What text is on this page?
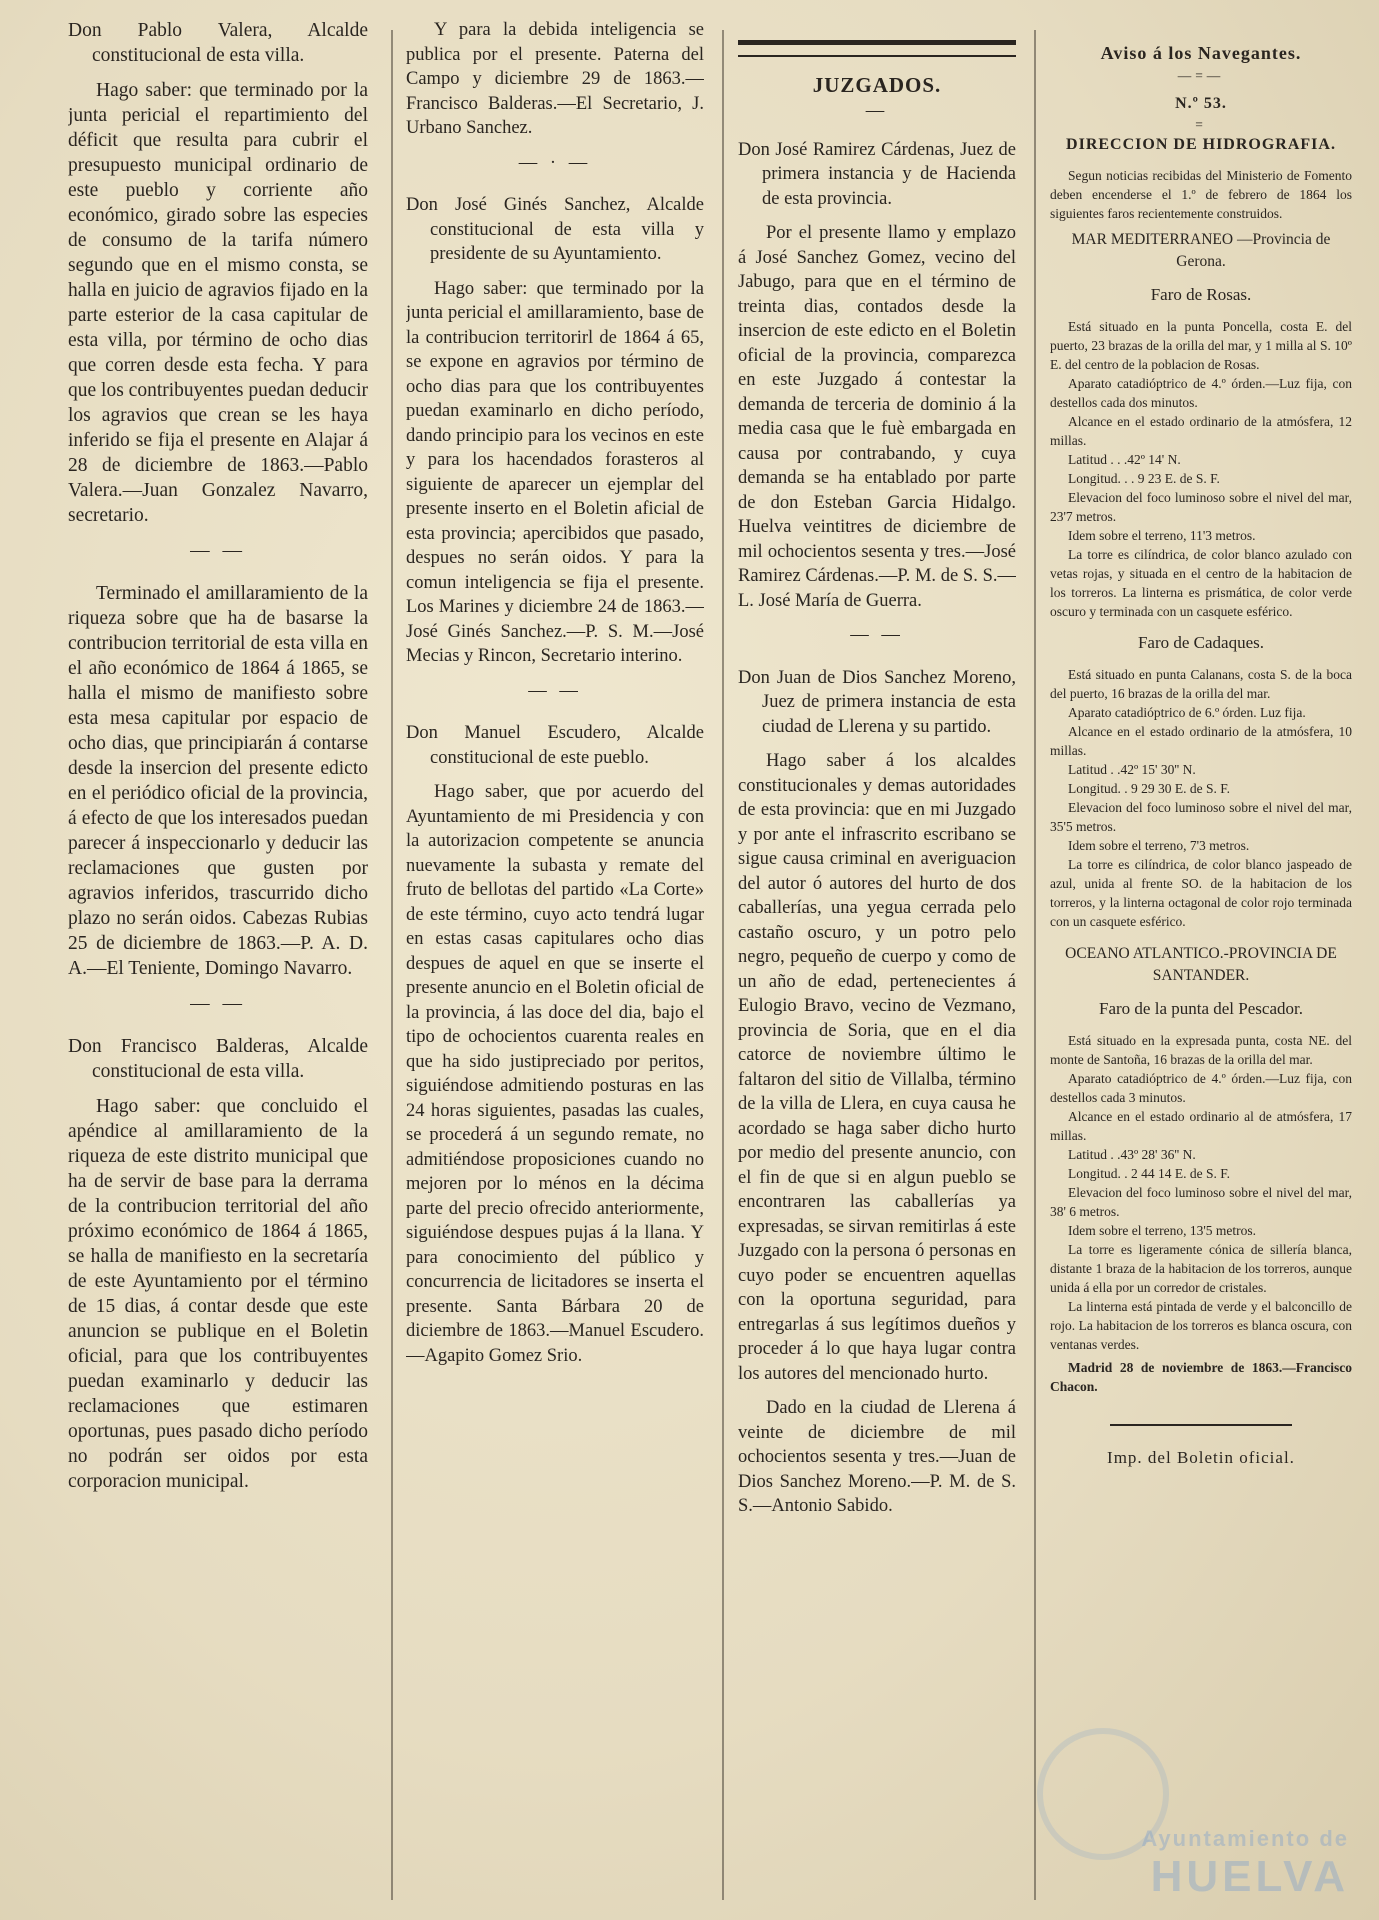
Don Pablo Valera, Alcalde constitucional de esta villa.

Hago saber: que terminado por la junta pericial el repartimiento del déficit que resulta para cubrir el presupuesto municipal ordinario de este pueblo y corriente año económico, girado sobre las especies de consumo de la tarifa número segundo que en el mismo consta, se halla en juicio de agravios fijado en la parte esterior de la casa capitular de esta villa, por término de ocho dias que corren desde esta fecha. Y para que los contribuyentes puedan deducir los agravios que crean se les haya inferido se fija el presente en Alajar á 28 de diciembre de 1863.—Pablo Valera.—Juan Gonzalez Navarro, secretario.

— —

Terminado el amillaramiento de la riqueza sobre que ha de basarse la contribucion territorial de esta villa en el año económico de 1864 á 1865, se halla el mismo de manifiesto sobre esta mesa capitular por espacio de ocho dias, que principiarán á contarse desde la insercion del presente edicto en el periódico oficial de la provincia, á efecto de que los interesados puedan parecer á inspeccionarlo y deducir las reclamaciones que gusten por agravios inferidos, trascurrido dicho plazo no serán oidos. Cabezas Rubias 25 de diciembre de 1863.—P. A. D. A.—El Teniente, Domingo Navarro.

— —

Don Francisco Balderas, Alcalde constitucional de esta villa.

Hago saber: que concluido el apéndice al amillaramiento de la riqueza de este distrito municipal que ha de servir de base para la derrama de la contribucion territorial del año próximo económico de 1864 á 1865, se halla de manifiesto en la secretaría de este Ayuntamiento por el término de 15 dias, á contar desde que este anuncion se publique en el Boletin oficial, para que los contribuyentes puedan examinarlo y deducir las reclamaciones que estimaren oportunas, pues pasado dicho período no podrán ser oidos por esta corporacion municipal.

Y para la debida inteligencia se publica por el presente. Paterna del Campo y diciembre 29 de 1863.—Francisco Balderas.—El Secretario, J. Urbano Sanchez.

— · —

Don José Ginés Sanchez, Alcalde constitucional de esta villa y presidente de su Ayuntamiento.

Hago saber: que terminado por la junta pericial el amillaramiento, base de la contribucion territorirl de 1864 á 65, se expone en agravios por término de ocho dias para que los contribuyentes puedan examinarlo en dicho período, dando principio para los vecinos en este y para los hacendados forasteros al siguiente de aparecer un ejemplar del presente inserto en el Boletin aficial de esta provincia; apercibidos que pasado, despues no serán oidos. Y para la comun inteligencia se fija el presente. Los Marines y diciembre 24 de 1863.—José Ginés Sanchez.—P. S. M.—José Mecias y Rincon, Secretario interino.

— —

Don Manuel Escudero, Alcalde constitucional de este pueblo.

Hago saber, que por acuerdo del Ayuntamiento de mi Presidencia y con la autorizacion competente se anuncia nuevamente la subasta y remate del fruto de bellotas del partido «La Corte» de este término, cuyo acto tendrá lugar en estas casas capitulares ocho dias despues de aquel en que se inserte el presente anuncio en el Boletin oficial de la provincia, á las doce del dia, bajo el tipo de ochocientos cuarenta reales en que ha sido justipreciado por peritos, siguiéndose admitiendo posturas en las 24 horas siguientes, pasadas las cuales, se procederá á un segundo remate, no admitiéndose proposiciones cuando no mejoren por lo ménos en la décima parte del precio ofrecido anteriormente, siguiéndose despues pujas á la llana. Y para conocimiento del público y concurrencia de licitadores se inserta el presente. Santa Bárbara 20 de diciembre de 1863.—Manuel Escudero.—Agapito Gomez Srio.

JUZGADOS.
—

Don José Ramirez Cárdenas, Juez de primera instancia y de Hacienda de esta provincia.

Por el presente llamo y emplazo á José Sanchez Gomez, vecino del Jabugo, para que en el término de treinta dias, contados desde la insercion de este edicto en el Boletin oficial de la provincia, comparezca en este Juzgado á contestar la demanda de terceria de dominio á la media casa que le fuè embargada en causa por contrabando, y cuya demanda se ha entablado por parte de don Esteban Garcia Hidalgo. Huelva veintitres de diciembre de mil ochocientos sesenta y tres.—José Ramirez Cárdenas.—P. M. de S. S.—L. José María de Guerra.

— —

Don Juan de Dios Sanchez Moreno, Juez de primera instancia de esta ciudad de Llerena y su partido.

Hago saber á los alcaldes constitucionales y demas autoridades de esta provincia: que en mi Juzgado y por ante el infrascrito escribano se sigue causa criminal en averiguacion del autor ó autores del hurto de dos caballerías, una yegua cerrada pelo castaño oscuro, y un potro pelo negro, pequeño de cuerpo y como de un año de edad, pertenecientes á Eulogio Bravo, vecino de Vezmano, provincia de Soria, que en el dia catorce de noviembre último le faltaron del sitio de Villalba, término de la villa de Llera, en cuya causa he acordado se haga saber dicho hurto por medio del presente anuncio, con el fin de que si en algun pueblo se encontraren las caballerías ya expresadas, se sirvan remitirlas á este Juzgado con la persona ó personas en cuyo poder se encuentren aquellas con la oportuna seguridad, para entregarlas á sus legítimos dueños y proceder á lo que haya lugar contra los autores del mencionado hurto.

Dado en la ciudad de Llerena á veinte de diciembre de mil ochocientos sesenta y tres.—Juan de Dios Sanchez Moreno.—P. M. de S. S.—Antonio Sabido.

Aviso á los Navegantes.
—=—
N.º 53.
=
DIRECCION DE HIDROGRAFIA.

Segun noticias recibidas del Ministerio de Fomento deben encenderse el 1.º de febrero de 1864 los siguientes faros recientemente construidos.

MAR MEDITERRANEO —Provincia de Gerona.
Faro de Rosas.

Está situado en la punta Poncella, costa E. del puerto, 23 brazas de la orilla del mar, y 1 milla al S. 10º E. del centro de la poblacion de Rosas.

Aparato catadióptrico de 4.º órden.—Luz fija, con destellos cada dos minutos.

Alcance en el estado ordinario de la atmósfera, 12 millas.

Latitud . . .42º 14' N.

Longitud. . . 9 23 E. de S. F.

Elevacion del foco luminoso sobre el nivel del mar, 23'7 metros.

Idem sobre el terreno, 11'3 metros.

La torre es cilíndrica, de color blanco azulado con vetas rojas, y situada en el centro de la habitacion de los torreros. La linterna es prismática, de color verde oscuro y terminada con un casquete esférico.

Faro de Cadaques.

Está situado en punta Calanans, costa S. de la boca del puerto, 16 brazas de la orilla del mar.

Aparato catadióptrico de 6.º órden. Luz fija.

Alcance en el estado ordinario de la atmósfera, 10 millas.

Latitud . .42º 15' 30'' N.

Longitud. . 9 29 30 E. de S. F.

Elevacion del foco luminoso sobre el nivel del mar, 35'5 metros.

Idem sobre el terreno, 7'3 metros.

La torre es cilíndrica, de color blanco jaspeado de azul, unida al frente SO. de la habitacion de los torreros, y la linterna octagonal de color rojo terminada con un casquete esférico.

OCEANO ATLANTICO.-PROVINCIA DE SANTANDER.
Faro de la punta del Pescador.

Está situado en la expresada punta, costa NE. del monte de Santoña, 16 brazas de la orilla del mar.

Aparato catadióptrico de 4.º órden.—Luz fija, con destellos cada 3 minutos.

Alcance en el estado ordinario al de atmósfera, 17 millas.

Latitud . .43º 28' 36'' N.

Longitud. . 2 44 14 E. de S. F.

Elevacion del foco luminoso sobre el nivel del mar, 38' 6 metros.

Idem sobre el terreno, 13'5 metros.

La torre es ligeramente cónica de sillería blanca, distante 1 braza de la habitacion de los torreros, aunque unida á ella por un corredor de cristales.

La linterna está pintada de verde y el balconcillo de rojo. La habitacion de los torreros es blanca oscura, con ventanas verdes.

Madrid 28 de noviembre de 1863.—Francisco Chacon.

Imp. del Boletin oficial.
Ayuntamiento de
HUELVA
